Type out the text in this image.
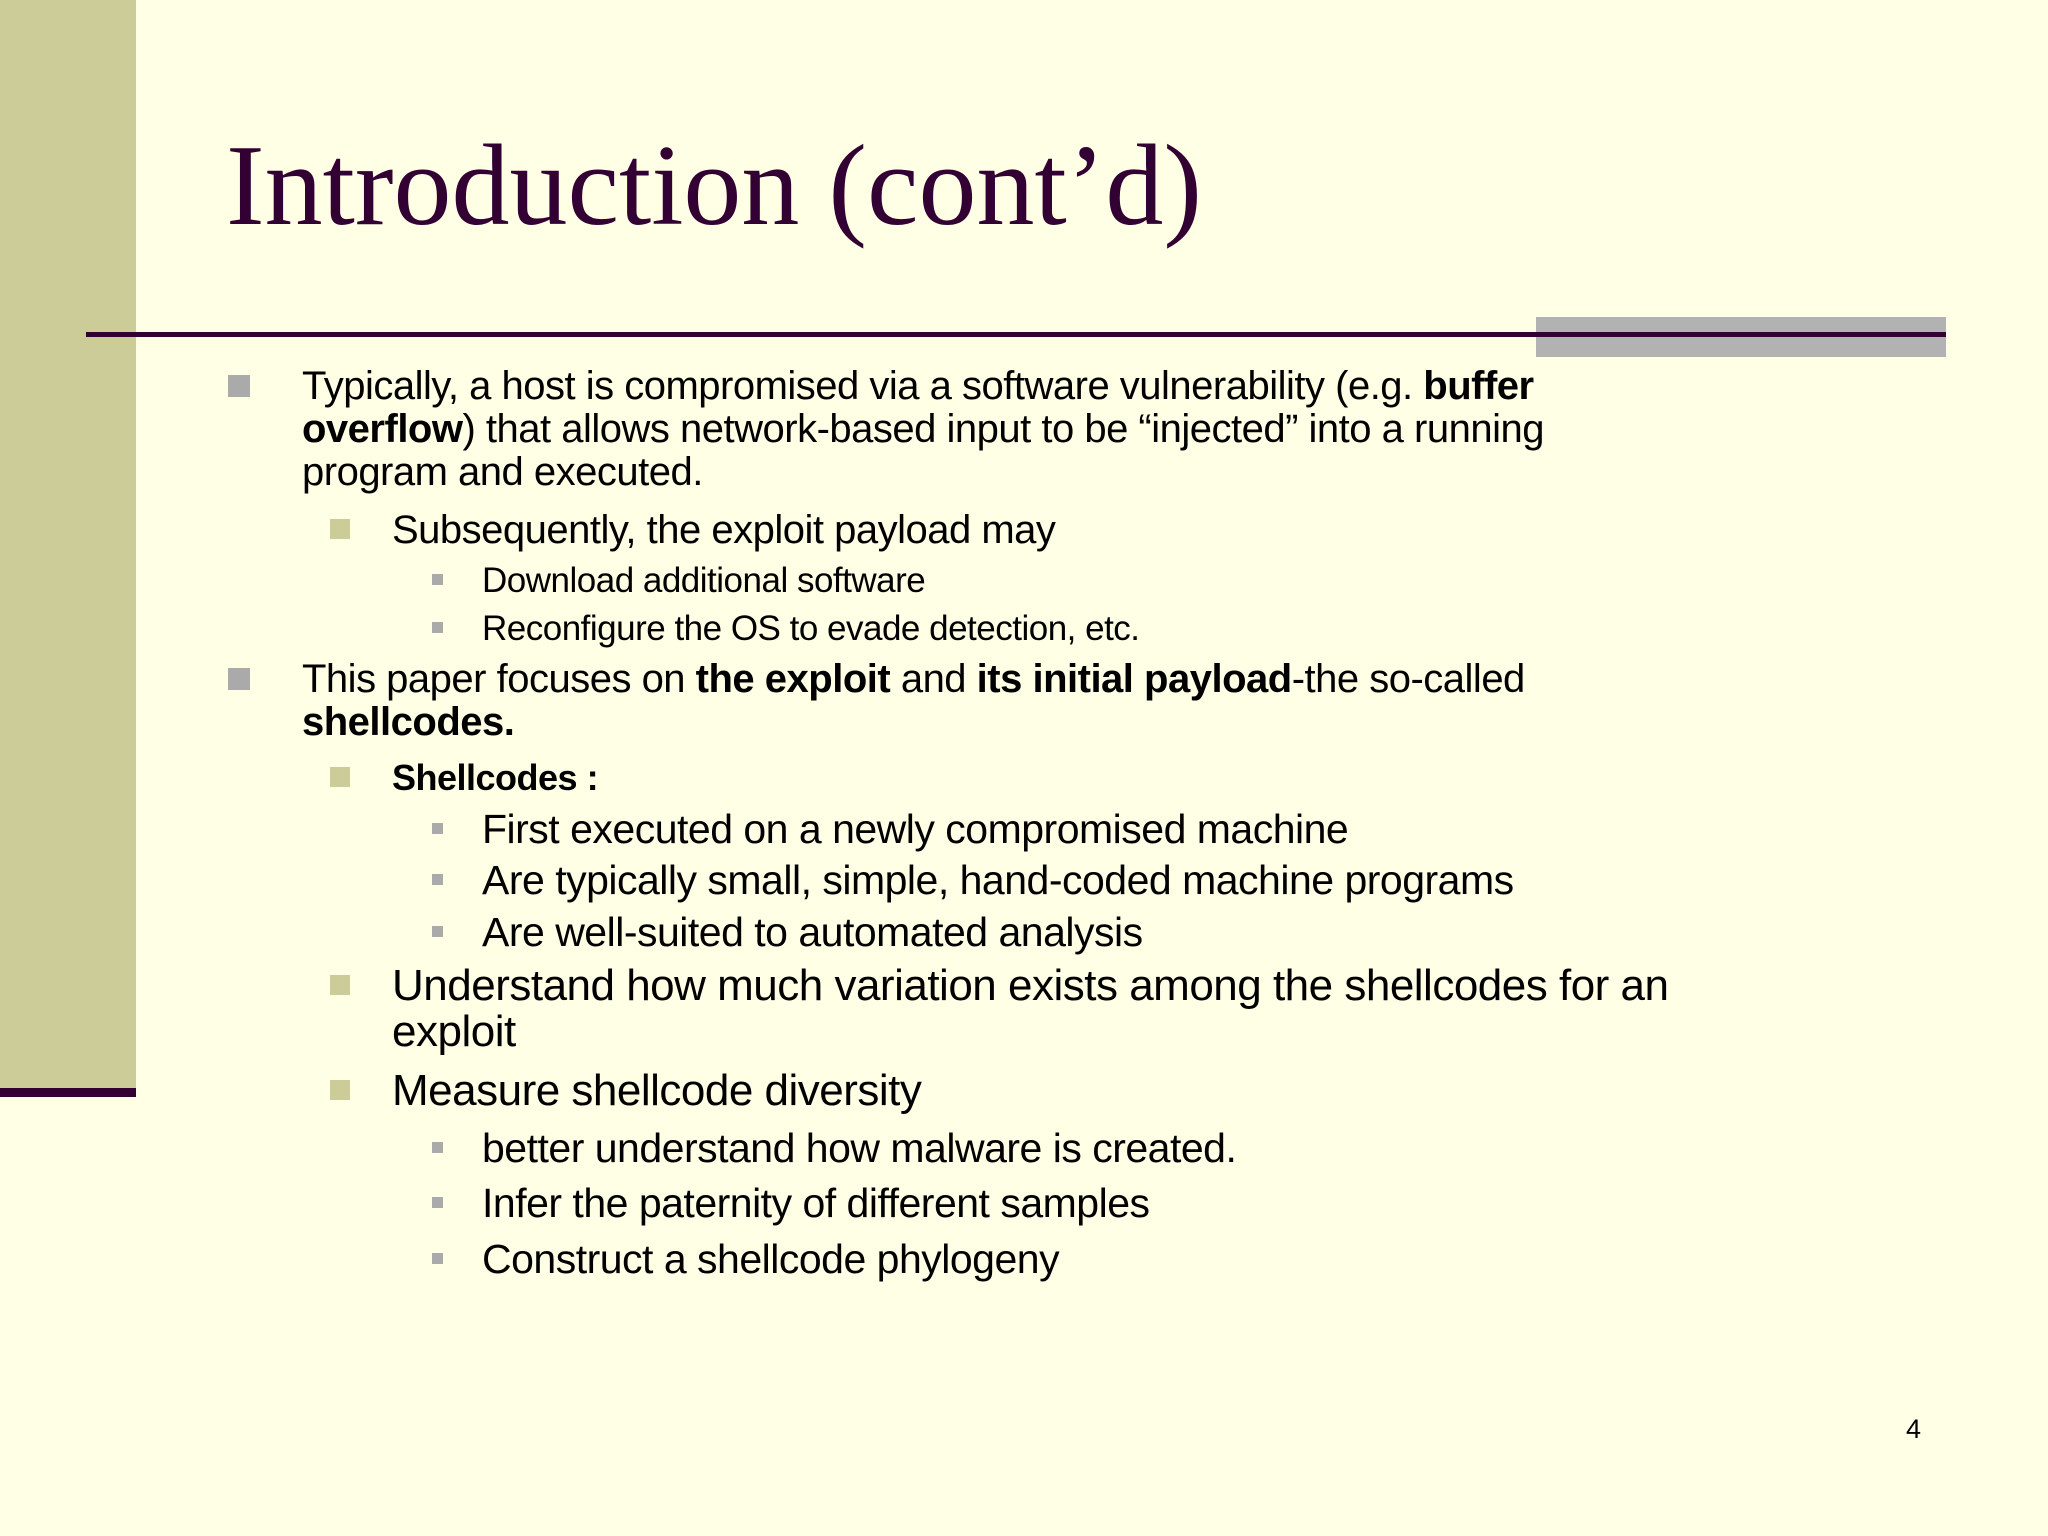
Introduction (cont’d)
Typically, a host is compromised via a software vulnerability (e.g. buffer
overflow) that allows network-based input to be “injected” into a running
program and executed.
Subsequently, the exploit payload may
Download additional software
Reconfigure the OS to evade detection, etc.
This paper focuses on the exploit and its initial payload-the so-called
shellcodes.
Shellcodes :
First executed on a newly compromised machine
Are typically small, simple, hand-coded machine programs
Are well-suited to automated analysis
Understand how much variation exists among the shellcodes for an
exploit
Measure shellcode diversity
better understand how malware is created.
Infer the paternity of different samples
Construct a shellcode phylogeny
4
